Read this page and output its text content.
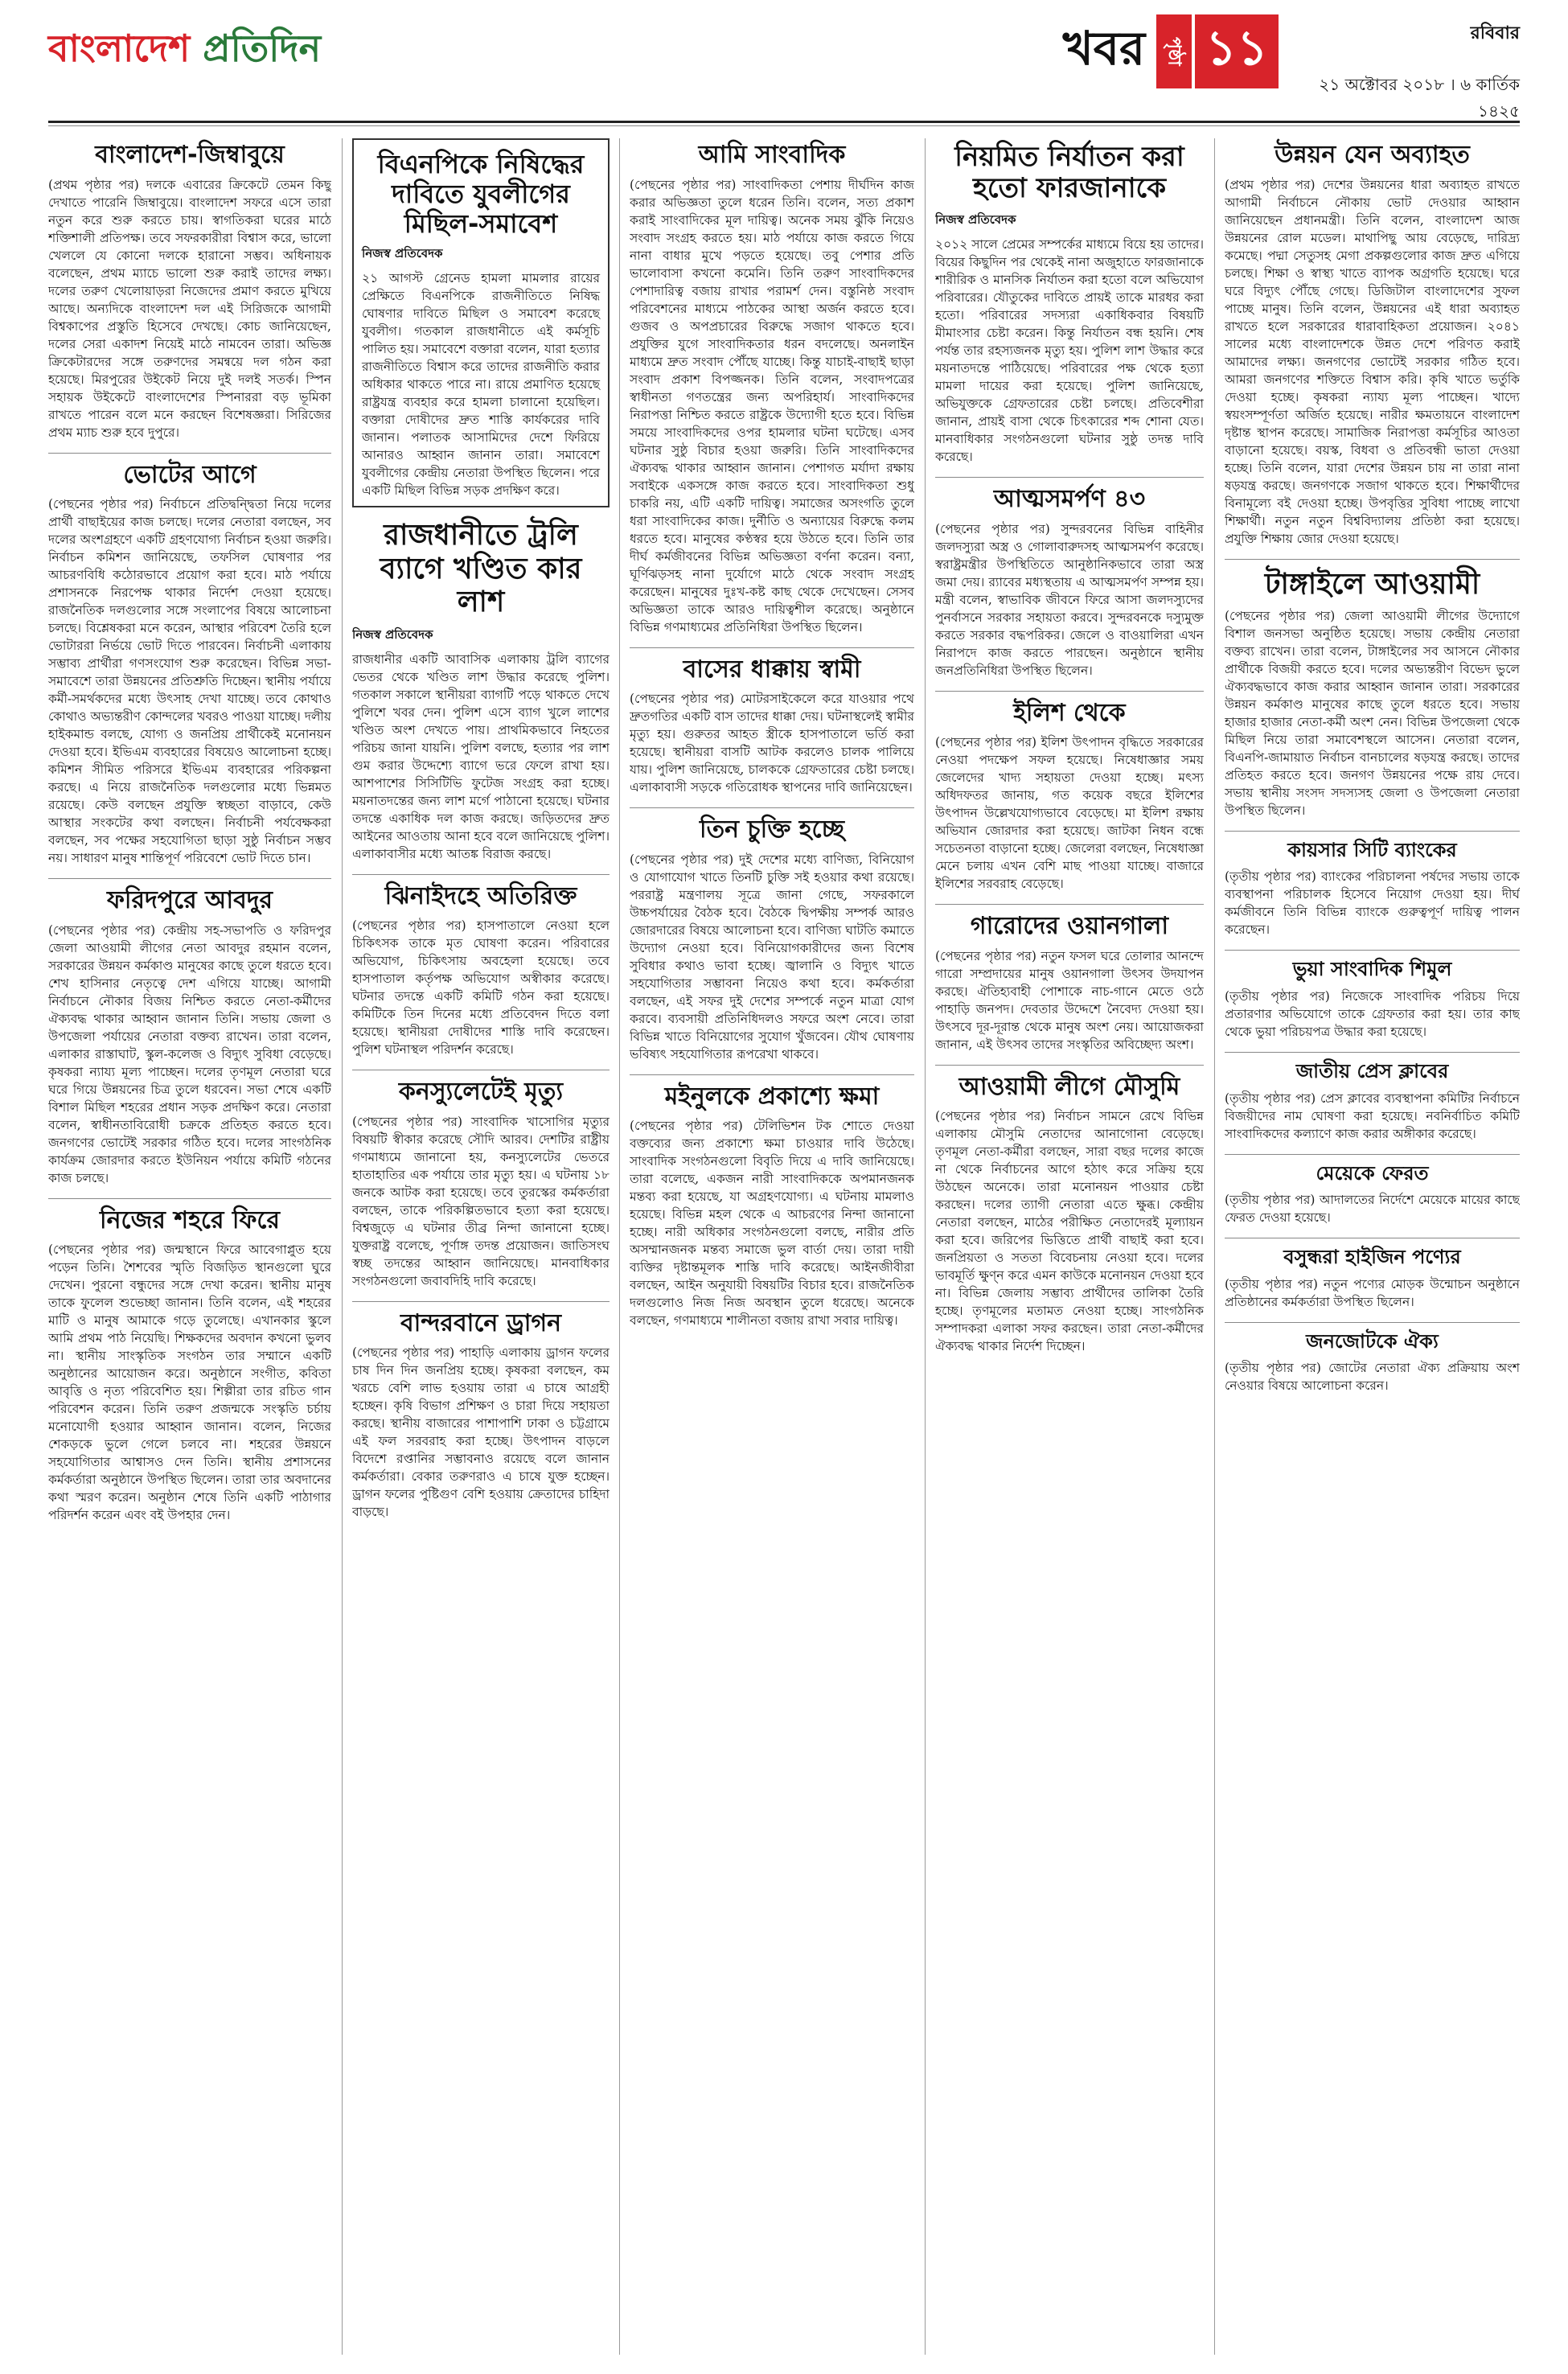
বাংলাদেশ প্রতিদিন	খবর	পৃষ্ঠা ১১	রবিবার
২১ অক্টোবর ২০১৮ । ৬ কার্তিক ১৪২৫
বাংলাদেশ-জিম্বাবুয়ে

(প্রথম পৃষ্ঠার পর) দলকে এবারের ক্রিকেটে তেমন কিছু দেখাতে পারেনি জিম্বাবুয়ে। বাংলাদেশ সফরে এসে তারা নতুন করে শুরু করতে চায়। স্বাগতিকরা ঘরের মাঠে শক্তিশালী প্রতিপক্ষ। তবে সফরকারীরা বিশ্বাস করে, ভালো খেললে যে কোনো দলকে হারানো সম্ভব। অধিনায়ক বলেছেন, প্রথম ম্যাচে ভালো শুরু করাই তাদের লক্ষ্য। দলের তরুণ খেলোয়াড়রা নিজেদের প্রমাণ করতে মুখিয়ে আছে। অন্যদিকে বাংলাদেশ দল এই সিরিজকে আগামী বিশ্বকাপের প্রস্তুতি হিসেবে দেখছে। কোচ জানিয়েছেন, দলের সেরা একাদশ নিয়েই মাঠে নামবেন তারা। অভিজ্ঞ ক্রিকেটারদের সঙ্গে তরুণদের সমন্বয়ে দল গঠন করা হয়েছে। মিরপুরের উইকেট নিয়ে দুই দলই সতর্ক। স্পিন সহায়ক উইকেটে বাংলাদেশের স্পিনাররা বড় ভূমিকা রাখতে পারেন বলে মনে করছেন বিশেষজ্ঞরা। সিরিজের প্রথম ম্যাচ শুরু হবে দুপুরে।

ভোটের আগে

(পেছনের পৃষ্ঠার পর) নির্বাচনে প্রতিদ্বন্দ্বিতা নিয়ে দলের প্রার্থী বাছাইয়ের কাজ চলছে। দলের নেতারা বলছেন, সব দলের অংশগ্রহণে একটি গ্রহণযোগ্য নির্বাচন হওয়া জরুরি। নির্বাচন কমিশন জানিয়েছে, তফসিল ঘোষণার পর আচরণবিধি কঠোরভাবে প্রয়োগ করা হবে। মাঠ পর্যায়ে প্রশাসনকে নিরপেক্ষ থাকার নির্দেশ দেওয়া হয়েছে। রাজনৈতিক দলগুলোর সঙ্গে সংলাপের বিষয়ে আলোচনা চলছে। বিশ্লেষকরা মনে করেন, আস্থার পরিবেশ তৈরি হলে ভোটাররা নির্ভয়ে ভোট দিতে পারবেন। নির্বাচনী এলাকায় সম্ভাব্য প্রার্থীরা গণসংযোগ শুরু করেছেন। বিভিন্ন সভা-সমাবেশে তারা উন্নয়নের প্রতিশ্রুতি দিচ্ছেন। স্থানীয় পর্যায়ে কর্মী-সমর্থকদের মধ্যে উৎসাহ দেখা যাচ্ছে। তবে কোথাও কোথাও অভ্যন্তরীণ কোন্দলের খবরও পাওয়া যাচ্ছে। দলীয় হাইকমান্ড বলছে, যোগ্য ও জনপ্রিয় প্রার্থীকেই মনোনয়ন দেওয়া হবে। ইভিএম ব্যবহারের বিষয়েও আলোচনা হচ্ছে। কমিশন সীমিত পরিসরে ইভিএম ব্যবহারের পরিকল্পনা করছে। এ নিয়ে রাজনৈতিক দলগুলোর মধ্যে ভিন্নমত রয়েছে। কেউ বলছেন প্রযুক্তি স্বচ্ছতা বাড়াবে, কেউ আস্থার সংকটের কথা বলছেন। নির্বাচনী পর্যবেক্ষকরা বলছেন, সব পক্ষের সহযোগিতা ছাড়া সুষ্ঠু নির্বাচন সম্ভব নয়। সাধারণ মানুষ শান্তিপূর্ণ পরিবেশে ভোট দিতে চান।

ফরিদপুরে আবদুর

(পেছনের পৃষ্ঠার পর) কেন্দ্রীয় সহ-সভাপতি ও ফরিদপুর জেলা আওয়ামী লীগের নেতা আবদুর রহমান বলেন, সরকারের উন্নয়ন কর্মকাণ্ড মানুষের কাছে তুলে ধরতে হবে। শেখ হাসিনার নেতৃত্বে দেশ এগিয়ে যাচ্ছে। আগামী নির্বাচনে নৌকার বিজয় নিশ্চিত করতে নেতা-কর্মীদের ঐক্যবদ্ধ থাকার আহ্বান জানান তিনি। সভায় জেলা ও উপজেলা পর্যায়ের নেতারা বক্তব্য রাখেন। তারা বলেন, এলাকার রাস্তাঘাট, স্কুল-কলেজ ও বিদ্যুৎ সুবিধা বেড়েছে। কৃষকরা ন্যায্য মূল্য পাচ্ছেন। দলের তৃণমূল নেতারা ঘরে ঘরে গিয়ে উন্নয়নের চিত্র তুলে ধরবেন। সভা শেষে একটি বিশাল মিছিল শহরের প্রধান সড়ক প্রদক্ষিণ করে। নেতারা বলেন, স্বাধীনতাবিরোধী চক্রকে প্রতিহত করতে হবে। জনগণের ভোটেই সরকার গঠিত হবে। দলের সাংগঠনিক কার্যক্রম জোরদার করতে ইউনিয়ন পর্যায়ে কমিটি গঠনের কাজ চলছে।

নিজের শহরে ফিরে

(পেছনের পৃষ্ঠার পর) জন্মস্থানে ফিরে আবেগাপ্লুত হয়ে পড়েন তিনি। শৈশবের স্মৃতি বিজড়িত স্থানগুলো ঘুরে দেখেন। পুরনো বন্ধুদের সঙ্গে দেখা করেন। স্থানীয় মানুষ তাকে ফুলেল শুভেচ্ছা জানান। তিনি বলেন, এই শহরের মাটি ও মানুষ আমাকে গড়ে তুলেছে। এখানকার স্কুলে আমি প্রথম পাঠ নিয়েছি। শিক্ষকদের অবদান কখনো ভুলব না। স্থানীয় সাংস্কৃতিক সংগঠন তার সম্মানে একটি অনুষ্ঠানের আয়োজন করে। অনুষ্ঠানে সংগীত, কবিতা আবৃত্তি ও নৃত্য পরিবেশিত হয়। শিল্পীরা তার রচিত গান পরিবেশন করেন। তিনি তরুণ প্রজন্মকে সংস্কৃতি চর্চায় মনোযোগী হওয়ার আহ্বান জানান। বলেন, নিজের শেকড়কে ভুলে গেলে চলবে না। শহরের উন্নয়নে সহযোগিতার আশ্বাসও দেন তিনি। স্থানীয় প্রশাসনের কর্মকর্তারা অনুষ্ঠানে উপস্থিত ছিলেন। তারা তার অবদানের কথা স্মরণ করেন। অনুষ্ঠান শেষে তিনি একটি পাঠাগার পরিদর্শন করেন এবং বই উপহার দেন।

বিএনপিকে নিষিদ্ধের দাবিতে যুবলীগের মিছিল-সমাবেশ
নিজস্ব প্রতিবেদক

২১ আগস্ট গ্রেনেড হামলা মামলার রায়ের প্রেক্ষিতে বিএনপিকে রাজনীতিতে নিষিদ্ধ ঘোষণার দাবিতে মিছিল ও সমাবেশ করেছে যুবলীগ। গতকাল রাজধানীতে এই কর্মসূচি পালিত হয়। সমাবেশে বক্তারা বলেন, যারা হত্যার রাজনীতিতে বিশ্বাস করে তাদের রাজনীতি করার অধিকার থাকতে পারে না। রায়ে প্রমাণিত হয়েছে রাষ্ট্রযন্ত্র ব্যবহার করে হামলা চালানো হয়েছিল। বক্তারা দোষীদের দ্রুত শাস্তি কার্যকরের দাবি জানান। পলাতক আসামিদের দেশে ফিরিয়ে আনারও আহ্বান জানান তারা। সমাবেশে যুবলীগের কেন্দ্রীয় নেতারা উপস্থিত ছিলেন। পরে একটি মিছিল বিভিন্ন সড়ক প্রদক্ষিণ করে।

রাজধানীতে ট্রলি ব্যাগে খণ্ডিত কার লাশ
নিজস্ব প্রতিবেদক

রাজধানীর একটি আবাসিক এলাকায় ট্রলি ব্যাগের ভেতর থেকে খণ্ডিত লাশ উদ্ধার করেছে পুলিশ। গতকাল সকালে স্থানীয়রা ব্যাগটি পড়ে থাকতে দেখে পুলিশে খবর দেন। পুলিশ এসে ব্যাগ খুলে লাশের খণ্ডিত অংশ দেখতে পায়। প্রাথমিকভাবে নিহতের পরিচয় জানা যায়নি। পুলিশ বলছে, হত্যার পর লাশ গুম করার উদ্দেশ্যে ব্যাগে ভরে ফেলে রাখা হয়। আশপাশের সিসিটিভি ফুটেজ সংগ্রহ করা হচ্ছে। ময়নাতদন্তের জন্য লাশ মর্গে পাঠানো হয়েছে। ঘটনার তদন্তে একাধিক দল কাজ করছে। জড়িতদের দ্রুত আইনের আওতায় আনা হবে বলে জানিয়েছে পুলিশ। এলাকাবাসীর মধ্যে আতঙ্ক বিরাজ করছে।

ঝিনাইদহে অতিরিক্ত

(পেছনের পৃষ্ঠার পর) হাসপাতালে নেওয়া হলে চিকিৎসক তাকে মৃত ঘোষণা করেন। পরিবারের অভিযোগ, চিকিৎসায় অবহেলা হয়েছে। তবে হাসপাতাল কর্তৃপক্ষ অভিযোগ অস্বীকার করেছে। ঘটনার তদন্তে একটি কমিটি গঠন করা হয়েছে। কমিটিকে তিন দিনের মধ্যে প্রতিবেদন দিতে বলা হয়েছে। স্থানীয়রা দোষীদের শাস্তি দাবি করেছেন। পুলিশ ঘটনাস্থল পরিদর্শন করেছে।

কনস্যুলেটেই মৃত্যু

(পেছনের পৃষ্ঠার পর) সাংবাদিক খাসোগির মৃত্যুর বিষয়টি স্বীকার করেছে সৌদি আরব। দেশটির রাষ্ট্রীয় গণমাধ্যমে জানানো হয়, কনস্যুলেটের ভেতরে হাতাহাতির এক পর্যায়ে তার মৃত্যু হয়। এ ঘটনায় ১৮ জনকে আটক করা হয়েছে। তবে তুরস্কের কর্মকর্তারা বলছেন, তাকে পরিকল্পিতভাবে হত্যা করা হয়েছে। বিশ্বজুড়ে এ ঘটনার তীব্র নিন্দা জানানো হচ্ছে। যুক্তরাষ্ট্র বলেছে, পূর্ণাঙ্গ তদন্ত প্রয়োজন। জাতিসংঘ স্বচ্ছ তদন্তের আহ্বান জানিয়েছে। মানবাধিকার সংগঠনগুলো জবাবদিহি দাবি করেছে।

বান্দরবানে ড্রাগন

(পেছনের পৃষ্ঠার পর) পাহাড়ি এলাকায় ড্রাগন ফলের চাষ দিন দিন জনপ্রিয় হচ্ছে। কৃষকরা বলছেন, কম খরচে বেশি লাভ হওয়ায় তারা এ চাষে আগ্রহী হচ্ছেন। কৃষি বিভাগ প্রশিক্ষণ ও চারা দিয়ে সহায়তা করছে। স্থানীয় বাজারের পাশাপাশি ঢাকা ও চট্টগ্রামে এই ফল সরবরাহ করা হচ্ছে। উৎপাদন বাড়লে বিদেশে রপ্তানির সম্ভাবনাও রয়েছে বলে জানান কর্মকর্তারা। বেকার তরুণরাও এ চাষে যুক্ত হচ্ছেন। ড্রাগন ফলের পুষ্টিগুণ বেশি হওয়ায় ক্রেতাদের চাহিদা বাড়ছে।

আমি সাংবাদিক

(পেছনের পৃষ্ঠার পর) সাংবাদিকতা পেশায় দীর্ঘদিন কাজ করার অভিজ্ঞতা তুলে ধরেন তিনি। বলেন, সত্য প্রকাশ করাই সাংবাদিকের মূল দায়িত্ব। অনেক সময় ঝুঁকি নিয়েও সংবাদ সংগ্রহ করতে হয়। মাঠ পর্যায়ে কাজ করতে গিয়ে নানা বাধার মুখে পড়তে হয়েছে। তবু পেশার প্রতি ভালোবাসা কখনো কমেনি। তিনি তরুণ সাংবাদিকদের পেশাদারিত্ব বজায় রাখার পরামর্শ দেন। বস্তুনিষ্ঠ সংবাদ পরিবেশনের মাধ্যমে পাঠকের আস্থা অর্জন করতে হবে। গুজব ও অপপ্রচারের বিরুদ্ধে সজাগ থাকতে হবে। প্রযুক্তির যুগে সাংবাদিকতার ধরন বদলেছে। অনলাইন মাধ্যমে দ্রুত সংবাদ পৌঁছে যাচ্ছে। কিন্তু যাচাই-বাছাই ছাড়া সংবাদ প্রকাশ বিপজ্জনক। তিনি বলেন, সংবাদপত্রের স্বাধীনতা গণতন্ত্রের জন্য অপরিহার্য। সাংবাদিকদের নিরাপত্তা নিশ্চিত করতে রাষ্ট্রকে উদ্যোগী হতে হবে। বিভিন্ন সময়ে সাংবাদিকদের ওপর হামলার ঘটনা ঘটেছে। এসব ঘটনার সুষ্ঠু বিচার হওয়া জরুরি। তিনি সাংবাদিকদের ঐক্যবদ্ধ থাকার আহ্বান জানান। পেশাগত মর্যাদা রক্ষায় সবাইকে একসঙ্গে কাজ করতে হবে। সাংবাদিকতা শুধু চাকরি নয়, এটি একটি দায়িত্ব। সমাজের অসংগতি তুলে ধরা সাংবাদিকের কাজ। দুর্নীতি ও অন্যায়ের বিরুদ্ধে কলম ধরতে হবে। মানুষের কণ্ঠস্বর হয়ে উঠতে হবে। তিনি তার দীর্ঘ কর্মজীবনের বিভিন্ন অভিজ্ঞতা বর্ণনা করেন। বন্যা, ঘূর্ণিঝড়সহ নানা দুর্যোগে মাঠে থেকে সংবাদ সংগ্রহ করেছেন। মানুষের দুঃখ-কষ্ট কাছ থেকে দেখেছেন। সেসব অভিজ্ঞতা তাকে আরও দায়িত্বশীল করেছে। অনুষ্ঠানে বিভিন্ন গণমাধ্যমের প্রতিনিধিরা উপস্থিত ছিলেন।

বাসের ধাক্কায় স্বামী

(পেছনের পৃষ্ঠার পর) মোটরসাইকেলে করে যাওয়ার পথে দ্রুতগতির একটি বাস তাদের ধাক্কা দেয়। ঘটনাস্থলেই স্বামীর মৃত্যু হয়। গুরুতর আহত স্ত্রীকে হাসপাতালে ভর্তি করা হয়েছে। স্থানীয়রা বাসটি আটক করলেও চালক পালিয়ে যায়। পুলিশ জানিয়েছে, চালককে গ্রেফতারের চেষ্টা চলছে। এলাকাবাসী সড়কে গতিরোধক স্থাপনের দাবি জানিয়েছেন।

তিন চুক্তি হচ্ছে

(পেছনের পৃষ্ঠার পর) দুই দেশের মধ্যে বাণিজ্য, বিনিয়োগ ও যোগাযোগ খাতে তিনটি চুক্তি সই হওয়ার কথা রয়েছে। পররাষ্ট্র মন্ত্রণালয় সূত্রে জানা গেছে, সফরকালে উচ্চপর্যায়ের বৈঠক হবে। বৈঠকে দ্বিপক্ষীয় সম্পর্ক আরও জোরদারের বিষয়ে আলোচনা হবে। বাণিজ্য ঘাটতি কমাতে উদ্যোগ নেওয়া হবে। বিনিয়োগকারীদের জন্য বিশেষ সুবিধার কথাও ভাবা হচ্ছে। জ্বালানি ও বিদ্যুৎ খাতে সহযোগিতার সম্ভাবনা নিয়েও কথা হবে। কর্মকর্তারা বলছেন, এই সফর দুই দেশের সম্পর্কে নতুন মাত্রা যোগ করবে। ব্যবসায়ী প্রতিনিধিদলও সফরে অংশ নেবে। তারা বিভিন্ন খাতে বিনিয়োগের সুযোগ খুঁজবেন। যৌথ ঘোষণায় ভবিষ্যৎ সহযোগিতার রূপরেখা থাকবে।

মইনুলকে প্রকাশ্যে ক্ষমা

(পেছনের পৃষ্ঠার পর) টেলিভিশন টক শোতে দেওয়া বক্তব্যের জন্য প্রকাশ্যে ক্ষমা চাওয়ার দাবি উঠেছে। সাংবাদিক সংগঠনগুলো বিবৃতি দিয়ে এ দাবি জানিয়েছে। তারা বলেছে, একজন নারী সাংবাদিককে অপমানজনক মন্তব্য করা হয়েছে, যা অগ্রহণযোগ্য। এ ঘটনায় মামলাও হয়েছে। বিভিন্ন মহল থেকে এ আচরণের নিন্দা জানানো হচ্ছে। নারী অধিকার সংগঠনগুলো বলছে, নারীর প্রতি অসম্মানজনক মন্তব্য সমাজে ভুল বার্তা দেয়। তারা দায়ী ব্যক্তির দৃষ্টান্তমূলক শাস্তি দাবি করেছে। আইনজীবীরা বলছেন, আইন অনুযায়ী বিষয়টির বিচার হবে। রাজনৈতিক দলগুলোও নিজ নিজ অবস্থান তুলে ধরেছে। অনেকে বলছেন, গণমাধ্যমে শালীনতা বজায় রাখা সবার দায়িত্ব।

নিয়মিত নির্যাতন করা হতো ফারজানাকে
নিজস্ব প্রতিবেদক

২০১২ সালে প্রেমের সম্পর্কের মাধ্যমে বিয়ে হয় তাদের। বিয়ের কিছুদিন পর থেকেই নানা অজুহাতে ফারজানাকে শারীরিক ও মানসিক নির্যাতন করা হতো বলে অভিযোগ পরিবারের। যৌতুকের দাবিতে প্রায়ই তাকে মারধর করা হতো। পরিবারের সদস্যরা একাধিকবার বিষয়টি মীমাংসার চেষ্টা করেন। কিন্তু নির্যাতন বন্ধ হয়নি। শেষ পর্যন্ত তার রহস্যজনক মৃত্যু হয়। পুলিশ লাশ উদ্ধার করে ময়নাতদন্তে পাঠিয়েছে। পরিবারের পক্ষ থেকে হত্যা মামলা দায়ের করা হয়েছে। পুলিশ জানিয়েছে, অভিযুক্তকে গ্রেফতারের চেষ্টা চলছে। প্রতিবেশীরা জানান, প্রায়ই বাসা থেকে চিৎকারের শব্দ শোনা যেত। মানবাধিকার সংগঠনগুলো ঘটনার সুষ্ঠু তদন্ত দাবি করেছে।

আত্মসমর্পণ ৪৩

(পেছনের পৃষ্ঠার পর) সুন্দরবনের বিভিন্ন বাহিনীর জলদস্যুরা অস্ত্র ও গোলাবারুদসহ আত্মসমর্পণ করেছে। স্বরাষ্ট্রমন্ত্রীর উপস্থিতিতে আনুষ্ঠানিকভাবে তারা অস্ত্র জমা দেয়। র‌্যাবের মধ্যস্থতায় এ আত্মসমর্পণ সম্পন্ন হয়। মন্ত্রী বলেন, স্বাভাবিক জীবনে ফিরে আসা জলদস্যুদের পুনর্বাসনে সরকার সহায়তা করবে। সুন্দরবনকে দস্যুমুক্ত করতে সরকার বদ্ধপরিকর। জেলে ও বাওয়ালিরা এখন নিরাপদে কাজ করতে পারছেন। অনুষ্ঠানে স্থানীয় জনপ্রতিনিধিরা উপস্থিত ছিলেন।

ইলিশ থেকে

(পেছনের পৃষ্ঠার পর) ইলিশ উৎপাদন বৃদ্ধিতে সরকারের নেওয়া পদক্ষেপ সফল হয়েছে। নিষেধাজ্ঞার সময় জেলেদের খাদ্য সহায়তা দেওয়া হচ্ছে। মৎস্য অধিদফতর জানায়, গত কয়েক বছরে ইলিশের উৎপাদন উল্লেখযোগ্যভাবে বেড়েছে। মা ইলিশ রক্ষায় অভিযান জোরদার করা হয়েছে। জাটকা নিধন বন্ধে সচেতনতা বাড়ানো হচ্ছে। জেলেরা বলছেন, নিষেধাজ্ঞা মেনে চলায় এখন বেশি মাছ পাওয়া যাচ্ছে। বাজারে ইলিশের সরবরাহ বেড়েছে।

গারোদের ওয়ানগালা

(পেছনের পৃষ্ঠার পর) নতুন ফসল ঘরে তোলার আনন্দে গারো সম্প্রদায়ের মানুষ ওয়ানগালা উৎসব উদযাপন করছে। ঐতিহ্যবাহী পোশাকে নাচ-গানে মেতে ওঠে পাহাড়ি জনপদ। দেবতার উদ্দেশে নৈবেদ্য দেওয়া হয়। উৎসবে দূর-দূরান্ত থেকে মানুষ অংশ নেয়। আয়োজকরা জানান, এই উৎসব তাদের সংস্কৃতির অবিচ্ছেদ্য অংশ।

আওয়ামী লীগে মৌসুমি

(পেছনের পৃষ্ঠার পর) নির্বাচন সামনে রেখে বিভিন্ন এলাকায় মৌসুমি নেতাদের আনাগোনা বেড়েছে। তৃণমূল নেতা-কর্মীরা বলছেন, সারা বছর দলের কাজে না থেকে নির্বাচনের আগে হঠাৎ করে সক্রিয় হয়ে উঠছেন অনেকে। তারা মনোনয়ন পাওয়ার চেষ্টা করছেন। দলের ত্যাগী নেতারা এতে ক্ষুব্ধ। কেন্দ্রীয় নেতারা বলছেন, মাঠের পরীক্ষিত নেতাদেরই মূল্যায়ন করা হবে। জরিপের ভিত্তিতে প্রার্থী বাছাই করা হবে। জনপ্রিয়তা ও সততা বিবেচনায় নেওয়া হবে। দলের ভাবমূর্তি ক্ষুণ্ন করে এমন কাউকে মনোনয়ন দেওয়া হবে না। বিভিন্ন জেলায় সম্ভাব্য প্রার্থীদের তালিকা তৈরি হচ্ছে। তৃণমূলের মতামত নেওয়া হচ্ছে। সাংগঠনিক সম্পাদকরা এলাকা সফর করছেন। তারা নেতা-কর্মীদের ঐক্যবদ্ধ থাকার নির্দেশ দিচ্ছেন।

উন্নয়ন যেন অব্যাহত

(প্রথম পৃষ্ঠার পর) দেশের উন্নয়নের ধারা অব্যাহত রাখতে আগামী নির্বাচনে নৌকায় ভোট দেওয়ার আহ্বান জানিয়েছেন প্রধানমন্ত্রী। তিনি বলেন, বাংলাদেশ আজ উন্নয়নের রোল মডেল। মাথাপিছু আয় বেড়েছে, দারিদ্র্য কমেছে। পদ্মা সেতুসহ মেগা প্রকল্পগুলোর কাজ দ্রুত এগিয়ে চলছে। শিক্ষা ও স্বাস্থ্য খাতে ব্যাপক অগ্রগতি হয়েছে। ঘরে ঘরে বিদ্যুৎ পৌঁছে গেছে। ডিজিটাল বাংলাদেশের সুফল পাচ্ছে মানুষ। তিনি বলেন, উন্নয়নের এই ধারা অব্যাহত রাখতে হলে সরকারের ধারাবাহিকতা প্রয়োজন। ২০৪১ সালের মধ্যে বাংলাদেশকে উন্নত দেশে পরিণত করাই আমাদের লক্ষ্য। জনগণের ভোটেই সরকার গঠিত হবে। আমরা জনগণের শক্তিতে বিশ্বাস করি। কৃষি খাতে ভর্তুকি দেওয়া হচ্ছে। কৃষকরা ন্যায্য মূল্য পাচ্ছেন। খাদ্যে স্বয়ংসম্পূর্ণতা অর্জিত হয়েছে। নারীর ক্ষমতায়নে বাংলাদেশ দৃষ্টান্ত স্থাপন করেছে। সামাজিক নিরাপত্তা কর্মসূচির আওতা বাড়ানো হয়েছে। বয়স্ক, বিধবা ও প্রতিবন্ধী ভাতা দেওয়া হচ্ছে। তিনি বলেন, যারা দেশের উন্নয়ন চায় না তারা নানা ষড়যন্ত্র করছে। জনগণকে সজাগ থাকতে হবে। শিক্ষার্থীদের বিনামূল্যে বই দেওয়া হচ্ছে। উপবৃত্তির সুবিধা পাচ্ছে লাখো শিক্ষার্থী। নতুন নতুন বিশ্ববিদ্যালয় প্রতিষ্ঠা করা হয়েছে। প্রযুক্তি শিক্ষায় জোর দেওয়া হয়েছে।

টাঙ্গাইলে আওয়ামী

(পেছনের পৃষ্ঠার পর) জেলা আওয়ামী লীগের উদ্যোগে বিশাল জনসভা অনুষ্ঠিত হয়েছে। সভায় কেন্দ্রীয় নেতারা বক্তব্য রাখেন। তারা বলেন, টাঙ্গাইলের সব আসনে নৌকার প্রার্থীকে বিজয়ী করতে হবে। দলের অভ্যন্তরীণ বিভেদ ভুলে ঐক্যবদ্ধভাবে কাজ করার আহ্বান জানান তারা। সরকারের উন্নয়ন কর্মকাণ্ড মানুষের কাছে তুলে ধরতে হবে। সভায় হাজার হাজার নেতা-কর্মী অংশ নেন। বিভিন্ন উপজেলা থেকে মিছিল নিয়ে তারা সমাবেশস্থলে আসেন। নেতারা বলেন, বিএনপি-জামায়াত নির্বাচন বানচালের ষড়যন্ত্র করছে। তাদের প্রতিহত করতে হবে। জনগণ উন্নয়নের পক্ষে রায় দেবে। সভায় স্থানীয় সংসদ সদস্যসহ জেলা ও উপজেলা নেতারা উপস্থিত ছিলেন।

কায়সার সিটি ব্যাংকের

(তৃতীয় পৃষ্ঠার পর) ব্যাংকের পরিচালনা পর্ষদের সভায় তাকে ব্যবস্থাপনা পরিচালক হিসেবে নিয়োগ দেওয়া হয়। দীর্ঘ কর্মজীবনে তিনি বিভিন্ন ব্যাংকে গুরুত্বপূর্ণ দায়িত্ব পালন করেছেন।

ভুয়া সাংবাদিক শিমুল

(তৃতীয় পৃষ্ঠার পর) নিজেকে সাংবাদিক পরিচয় দিয়ে প্রতারণার অভিযোগে তাকে গ্রেফতার করা হয়। তার কাছ থেকে ভুয়া পরিচয়পত্র উদ্ধার করা হয়েছে।

জাতীয় প্রেস ক্লাবের

(তৃতীয় পৃষ্ঠার পর) প্রেস ক্লাবের ব্যবস্থাপনা কমিটির নির্বাচনে বিজয়ীদের নাম ঘোষণা করা হয়েছে। নবনির্বাচিত কমিটি সাংবাদিকদের কল্যাণে কাজ করার অঙ্গীকার করেছে।

মেয়েকে ফেরত

(তৃতীয় পৃষ্ঠার পর) আদালতের নির্দেশে মেয়েকে মায়ের কাছে ফেরত দেওয়া হয়েছে।

বসুন্ধরা হাইজিন পণ্যের

(তৃতীয় পৃষ্ঠার পর) নতুন পণ্যের মোড়ক উন্মোচন অনুষ্ঠানে প্রতিষ্ঠানের কর্মকর্তারা উপস্থিত ছিলেন।

জনজোটকে ঐক্য

(তৃতীয় পৃষ্ঠার পর) জোটের নেতারা ঐক্য প্রক্রিয়ায় অংশ নেওয়ার বিষয়ে আলোচনা করেন।
